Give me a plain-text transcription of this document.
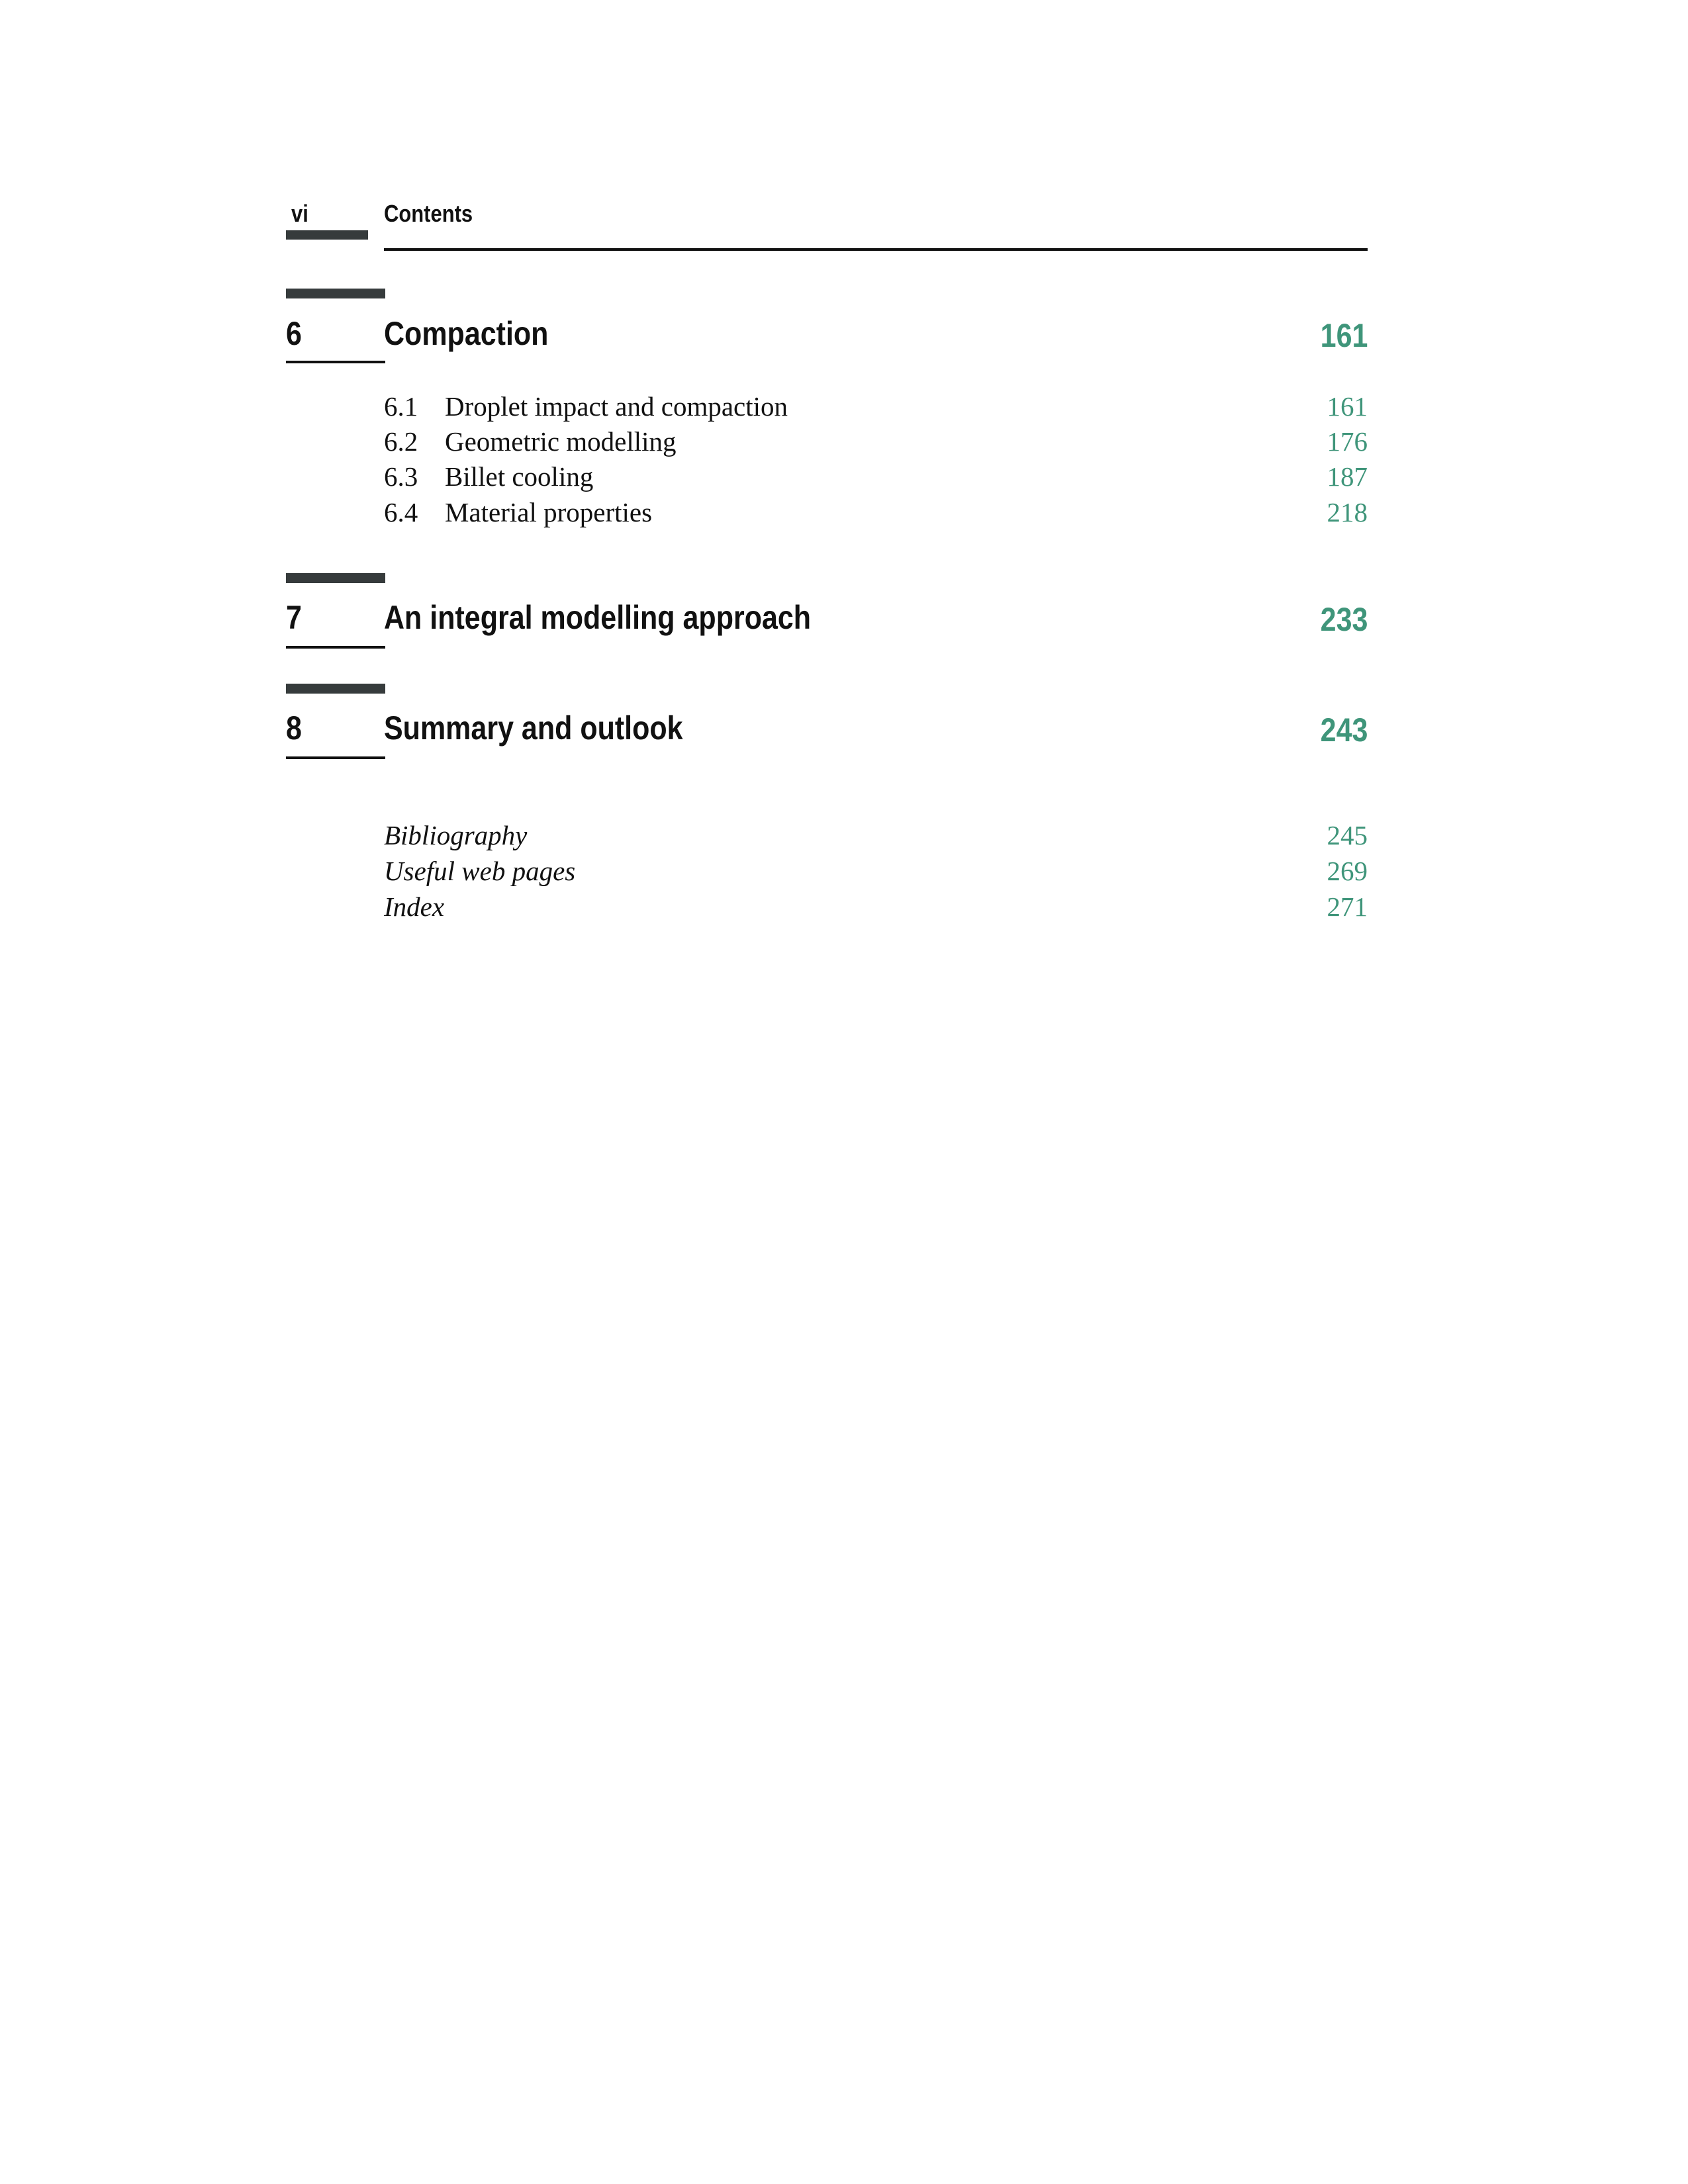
vi	Contents
6 Compaction	161
6.1 Droplet impact and compaction	161
6.2 Geometric modelling	176
6.3 Billet cooling	187
6.4 Material properties	218
7 An integral modelling approach	233
8 Summary and outlook	243
Bibliography	245
Useful web pages	269
Index	271
